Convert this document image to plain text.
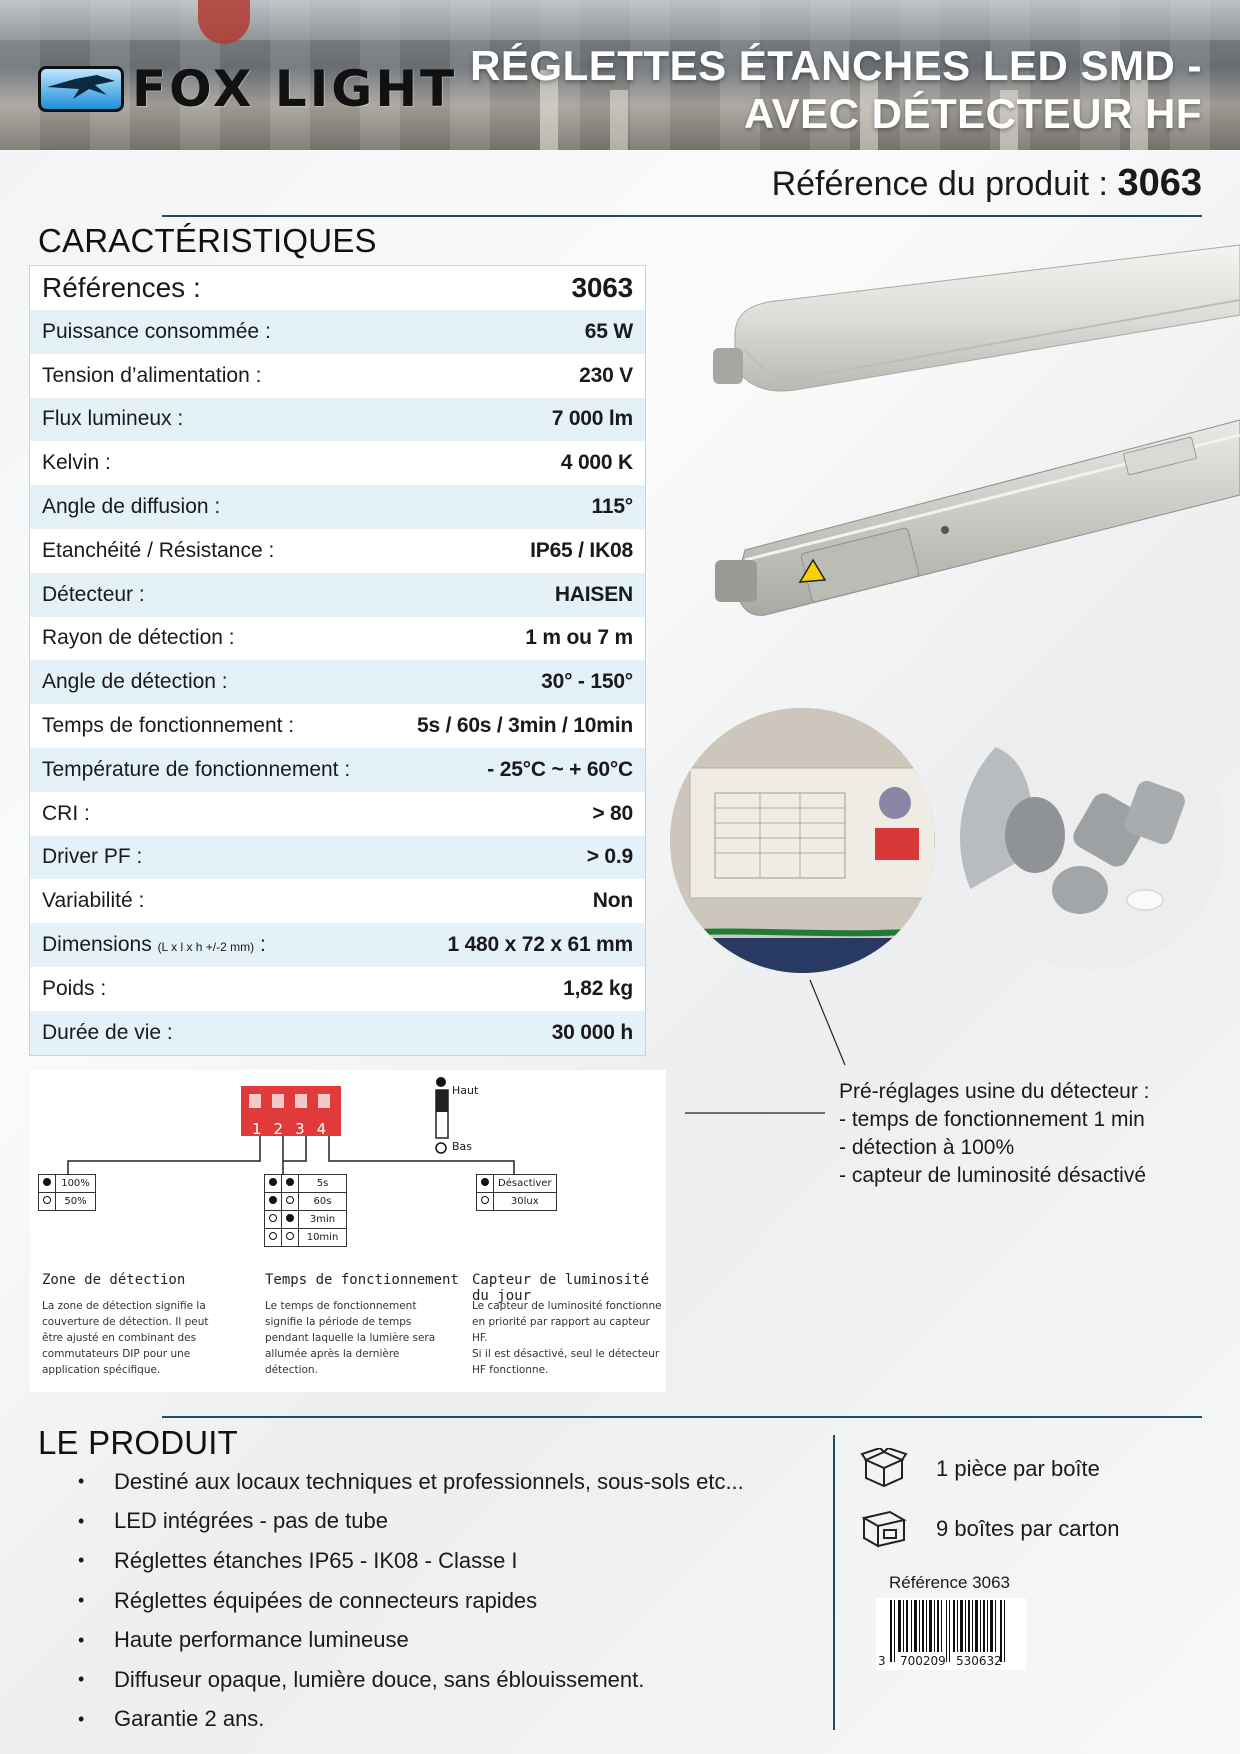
FOX LIGHT RÉGLETTES ÉTANCHES LED SMD -
AVEC DÉTECTEUR HF
Référence du produit : 3063
CARACTÉRISTIQUES
Références :	3063
Puissance consommée :	65 W
Tension d’alimentation :	230 V
Flux lumineux :	7 000 lm
Kelvin :	4 000 K
Angle de diffusion :	115°
Etanchéité / Résistance :	IP65 / IK08
Détecteur :	HAISEN
Rayon de détection :	1 m ou 7 m
Angle de détection :	30° - 150°
Temps de fonctionnement :	5s / 60s / 3min / 10min
Température de fonctionnement :	- 25°C ~ + 60°C
CRI :	> 80
Driver PF :	> 0.9
Variabilité :	Non
Dimensions (L x l x h +/-2 mm) :	1 480 x 72 x 61 mm
Poids :	1,82 kg
Durée de vie :	30 000 h
1234
Haut
Bas
	100%
	50%
		5s
		60s
		3min
		10min
	Désactiver
	30lux
Zone de détection
La zone de détection signifie la
couverture de détection. Il peut
être ajusté en combinant des
commutateurs DIP pour une
application spécifique.
Temps de fonctionnement
Le temps de fonctionnement
signifie la période de temps
pendant laquelle la lumière sera
allumée après la dernière
détection.
Capteur de luminosité du jour
Le capteur de luminosité fonctionne
en priorité par rapport au capteur HF.
Si il est désactivé, seul le détecteur
HF fonctionne.
Pré-réglages usine du détecteur :
- temps de fonctionnement 1 min
- détection à 100%
- capteur de luminosité désactivé
LE PRODUIT
•	Destiné aux locaux techniques et professionnels, sous-sols etc...
•	LED intégrées - pas de tube
•	Réglettes étanches IP65 - IK08 - Classe I
•	Réglettes équipées de connecteurs rapides
•	Haute performance lumineuse
•	Diffuseur opaque, lumière douce, sans éblouissement.
•	Garantie 2 ans.
1 pièce par boîte
9 boîtes par carton
Référence 3063
3 700209 530632
